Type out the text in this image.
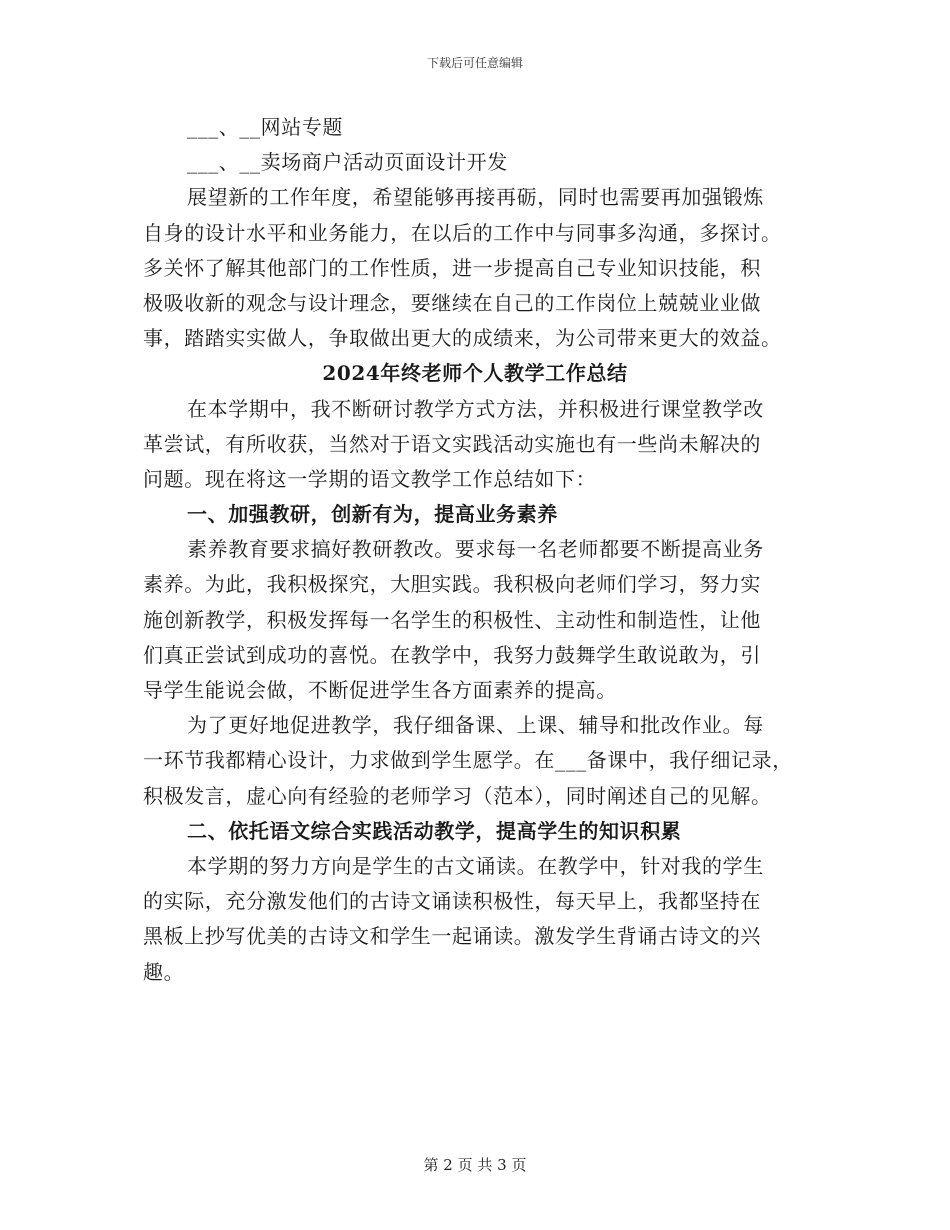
下载后可任意编辑
___、__网站专题
___、__卖场商户活动页面设计开发
展望新的工作年度，希望能够再接再砺，同时也需要再加强锻炼
自身的设计水平和业务能力，在以后的工作中与同事多沟通，多探讨。
多关怀了解其他部门的工作性质，进一步提高自己专业知识技能，积
极吸收新的观念与设计理念，要继续在自己的工作岗位上兢兢业业做
事，踏踏实实做人，争取做出更大的成绩来，为公司带来更大的效益。
2024年终老师个人教学工作总结
在本学期中，我不断研讨教学方式方法，并积极进行课堂教学改
革尝试，有所收获，当然对于语文实践活动实施也有一些尚未解决的
问题。现在将这一学期的语文教学工作总结如下：
一、加强教研，创新有为，提高业务素养
素养教育要求搞好教研教改。要求每一名老师都要不断提高业务
素养。为此，我积极探究，大胆实践。我积极向老师们学习，努力实
施创新教学，积极发挥每一名学生的积极性、主动性和制造性，让他
们真正尝试到成功的喜悦。在教学中，我努力鼓舞学生敢说敢为，引
导学生能说会做，不断促进学生各方面素养的提高。
为了更好地促进教学，我仔细备课、上课、辅导和批改作业。每
一环节我都精心设计，力求做到学生愿学。在___备课中，我仔细记录，
积极发言，虚心向有经验的老师学习（范本），同时阐述自己的见解。
二、依托语文综合实践活动教学，提高学生的知识积累
本学期的努力方向是学生的古文诵读。在教学中，针对我的学生
的实际，充分激发他们的古诗文诵读积极性，每天早上，我都坚持在
黑板上抄写优美的古诗文和学生一起诵读。激发学生背诵古诗文的兴
趣。
第 2 页 共 3 页
